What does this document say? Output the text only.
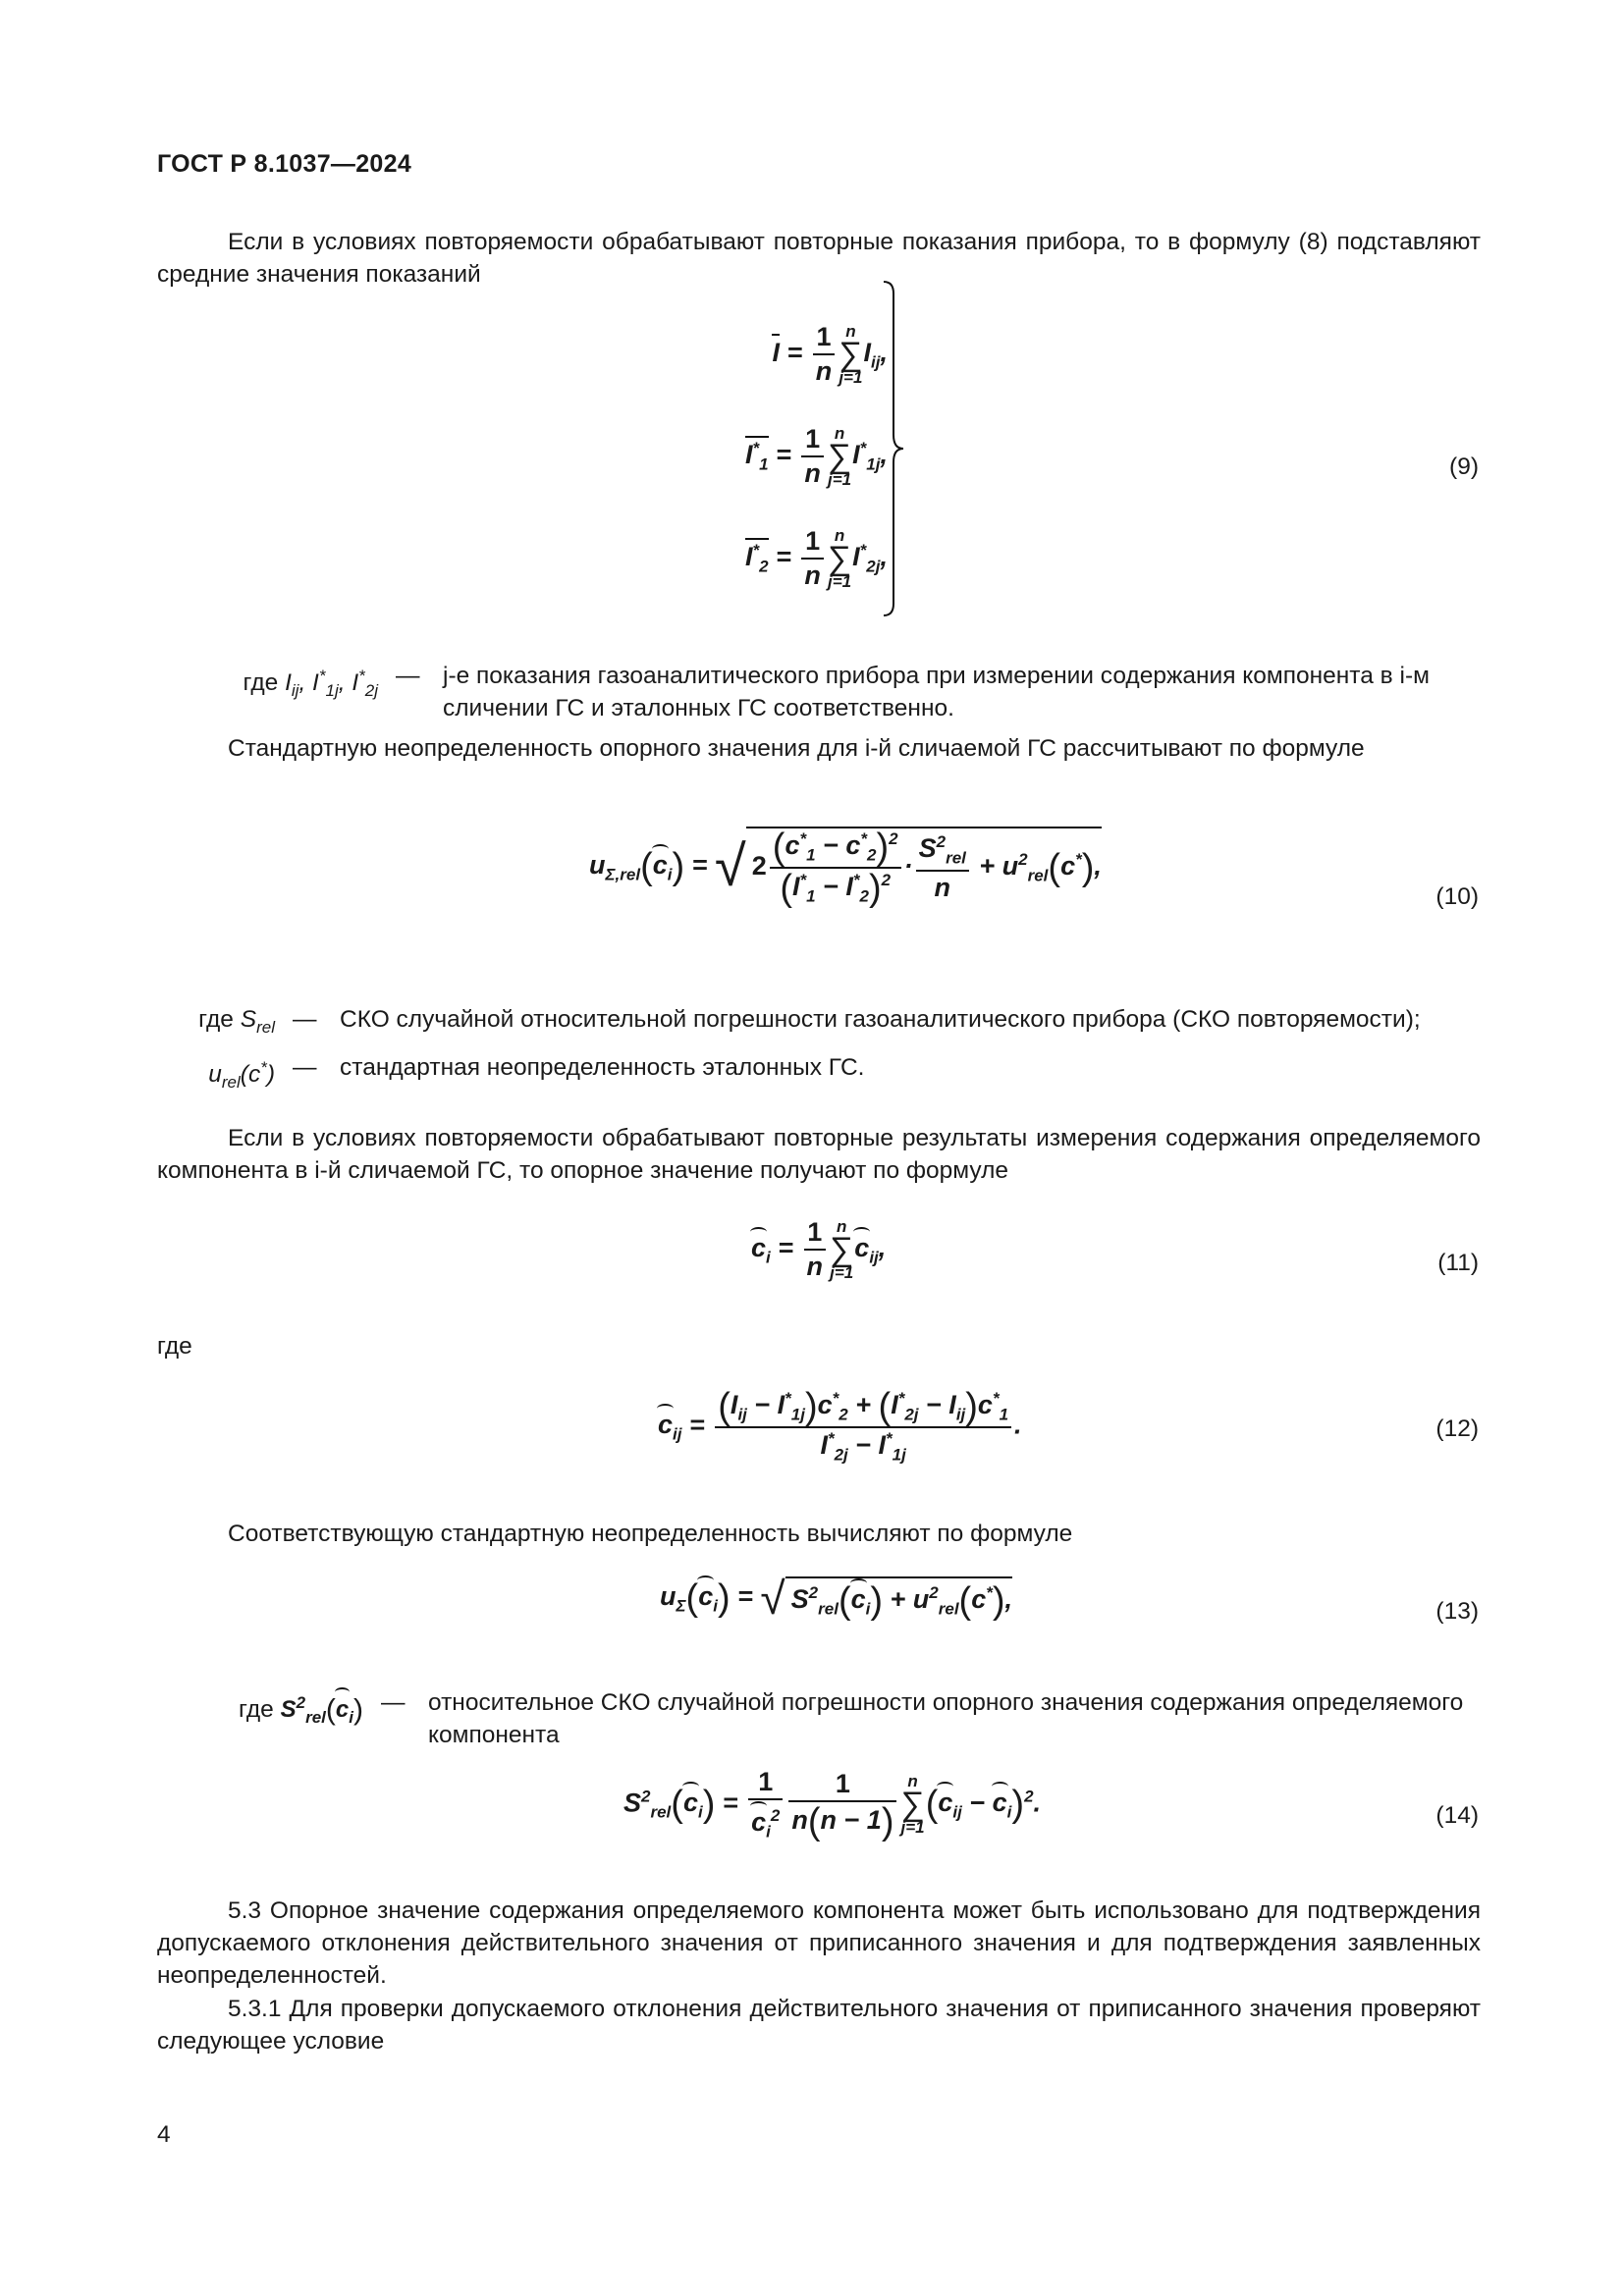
ГОСТ Р 8.1037—2024
Если в условиях повторяемости обрабатывают повторные показания прибора, то в формулу (8) подставляют средние значения показаний
$I = \frac{1}{n}$ n
∑
j=1
$I_{ij}$,
$I^*_1 = \frac{1}{n}$ n
∑
j=1
$I^*_{1j}$,
$I^*_2 = \frac{1}{n}$ n
∑
j=1
$I^*_{2j}$,
(9)
где $I_{ij}$, $I^*_{1j}$, $I^*_{2j}$
— j-е показания газоаналитического прибора при измерении содержания компонента в i-м сличении ГС и эталонных ГС соответственно.
Стандартную неопределенность опорного значения для i-й сличаемой ГС рассчитывают по формуле
$u_{\Sigma,rel}(c_i)$ = √ $2 \frac{(c^*_1 - c^*_2)^2}{(I^*_1 - I^*_2)^2} \cdot \frac{S^2_{rel}}{n} + u^2_{rel}(c^*)$,
(10)
где $S_{rel}$ — СКО случайной относительной погрешности газоаналитического прибора (СКО повторяемости);
$u_{rel}(c^*)$ — стандартная неопределенность эталонных ГС.
Если в условиях повторяемости обрабатывают повторные результаты измерения содержания определяемого компонента в i-й сличаемой ГС, то опорное значение получают по формуле
$c_i = \frac{1}{n}$ n
∑
j=1
$c_{ij}$,
(11)
где
$c_{ij} = \frac{(I_{ij} - I^*_{1j})c^*_2 + (I^*_{2j} - I_{ij})c^*_1}{I^*_{2j} - I^*_{1j}}$ .	(12)
Соответствующую стандартную неопределенность вычисляют по формуле
$u_\Sigma(c_i)$ = √ $S^2_{rel}(c_i) + u^2_{rel}(c^*)$,	(13)
где $S^2_{rel}(c_i)$ — относительное СКО случайной погрешности опорного значения содержания определяемого компонента
$S^2_{rel}(c_i) = \frac{1}{c_i^2} \frac{1}{n(n - 1)}$ n
∑
j=1
$(c_{ij} - c_i)^2$.	(14)
5.3 Опорное значение содержания определяемого компонента может быть использовано для подтверждения допускаемого отклонения действительного значения от приписанного значения и для подтверждения заявленных неопределенностей.
5.3.1 Для проверки допускаемого отклонения действительного значения от приписанного значения проверяют следующее условие
4
